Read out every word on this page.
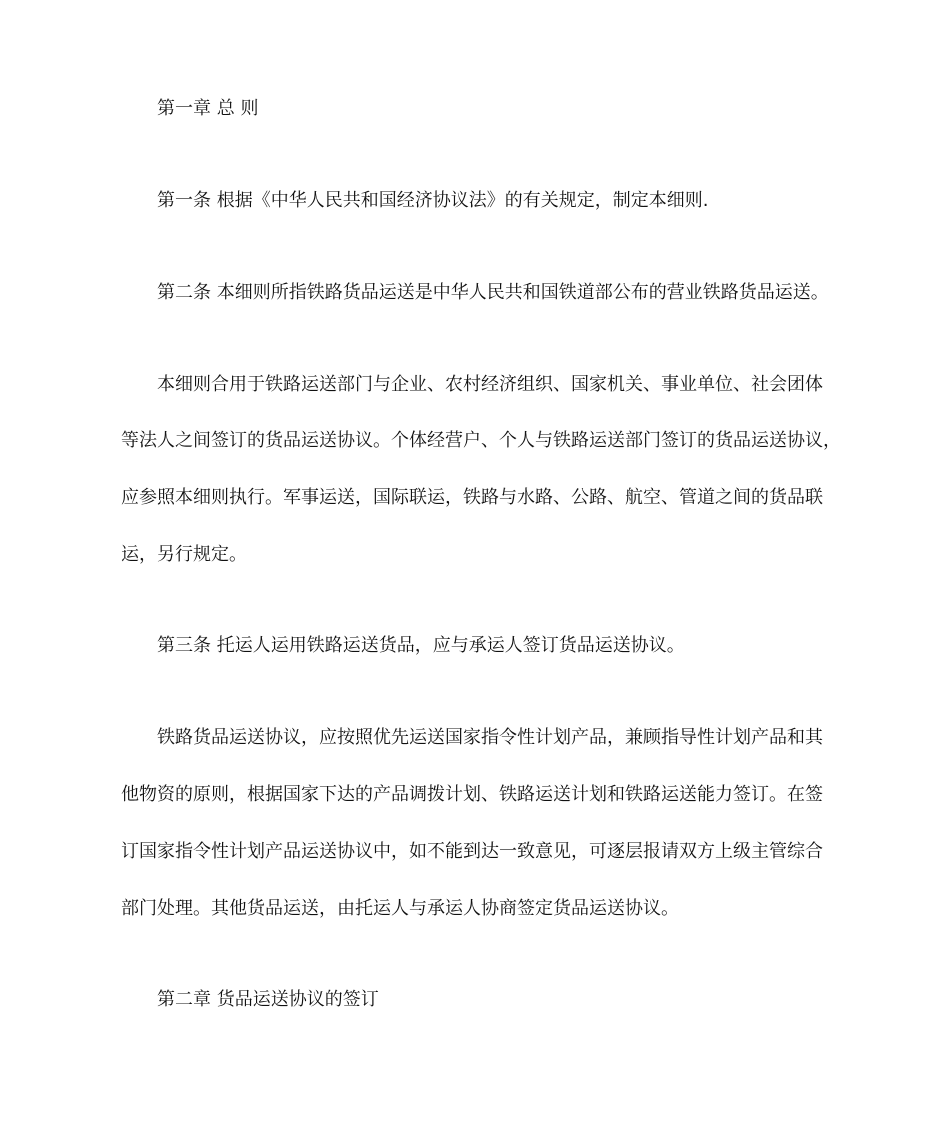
第一章 总 则
第一条 根据《中华人民共和国经济协议法》的有关规定，制定本细则.
第二条 本细则所指铁路货品运送是中华人民共和国铁道部公布的营业铁路货品运送。
本细则合用于铁路运送部门与企业、农村经济组织、国家机关、事业单位、社会团体
等法人之间签订的货品运送协议。个体经营户、个人与铁路运送部门签订的货品运送协议，
应参照本细则执行。军事运送，国际联运，铁路与水路、公路、航空、管道之间的货品联
运，另行规定。
第三条 托运人运用铁路运送货品，应与承运人签订货品运送协议。
铁路货品运送协议，应按照优先运送国家指令性计划产品，兼顾指导性计划产品和其
他物资的原则，根据国家下达的产品调拨计划、铁路运送计划和铁路运送能力签订。在签
订国家指令性计划产品运送协议中，如不能到达一致意见，可逐层报请双方上级主管综合
部门处理。其他货品运送，由托运人与承运人协商签定货品运送协议。
第二章 货品运送协议的签订
